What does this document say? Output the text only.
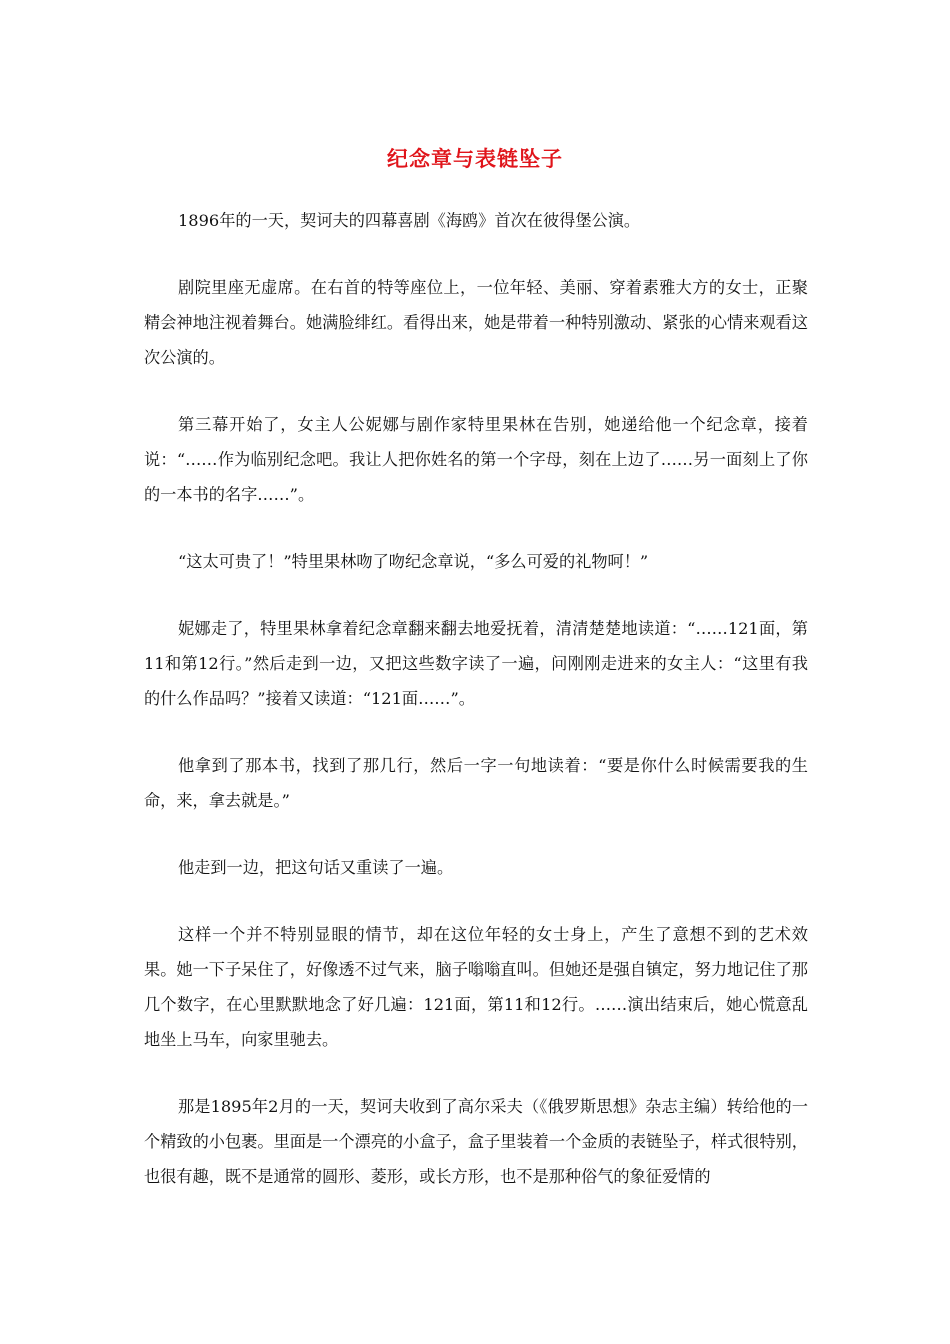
纪念章与表链坠子

1896年的一天，契诃夫的四幕喜剧《海鸥》首次在彼得堡公演。

剧院里座无虚席。在右首的特等座位上，一位年轻、美丽、穿着素雅大方的女士，正聚精会神地注视着舞台。她满脸绯红。看得出来，她是带着一种特别激动、紧张的心情来观看这次公演的。

第三幕开始了，女主人公妮娜与剧作家特里果林在告别，她递给他一个纪念章，接着说：“……作为临别纪念吧。我让人把你姓名的第一个字母，刻在上边了……另一面刻上了你的一本书的名字……”。

“这太可贵了！”特里果林吻了吻纪念章说，“多么可爱的礼物呵！”

妮娜走了，特里果林拿着纪念章翻来翻去地爱抚着，清清楚楚地读道：“……121面，第11和第12行。”然后走到一边，又把这些数字读了一遍，问刚刚走进来的女主人：“这里有我的什么作品吗？”接着又读道：“121面……”。

他拿到了那本书，找到了那几行，然后一字一句地读着：“要是你什么时候需要我的生命，来，拿去就是。”

他走到一边，把这句话又重读了一遍。

这样一个并不特别显眼的情节，却在这位年轻的女士身上，产生了意想不到的艺术效果。她一下子呆住了，好像透不过气来，脑子嗡嗡直叫。但她还是强自镇定，努力地记住了那几个数字，在心里默默地念了好几遍：121面，第11和12行。……演出结束后，她心慌意乱地坐上马车，向家里驰去。

那是1895年2月的一天，契诃夫收到了高尔采夫（《俄罗斯思想》杂志主编）转给他的一个精致的小包裹。里面是一个漂亮的小盒子，盒子里装着一个金质的表链坠子，样式很特别，也很有趣，既不是通常的圆形、菱形，或长方形，也不是那种俗气的象征爱情的
